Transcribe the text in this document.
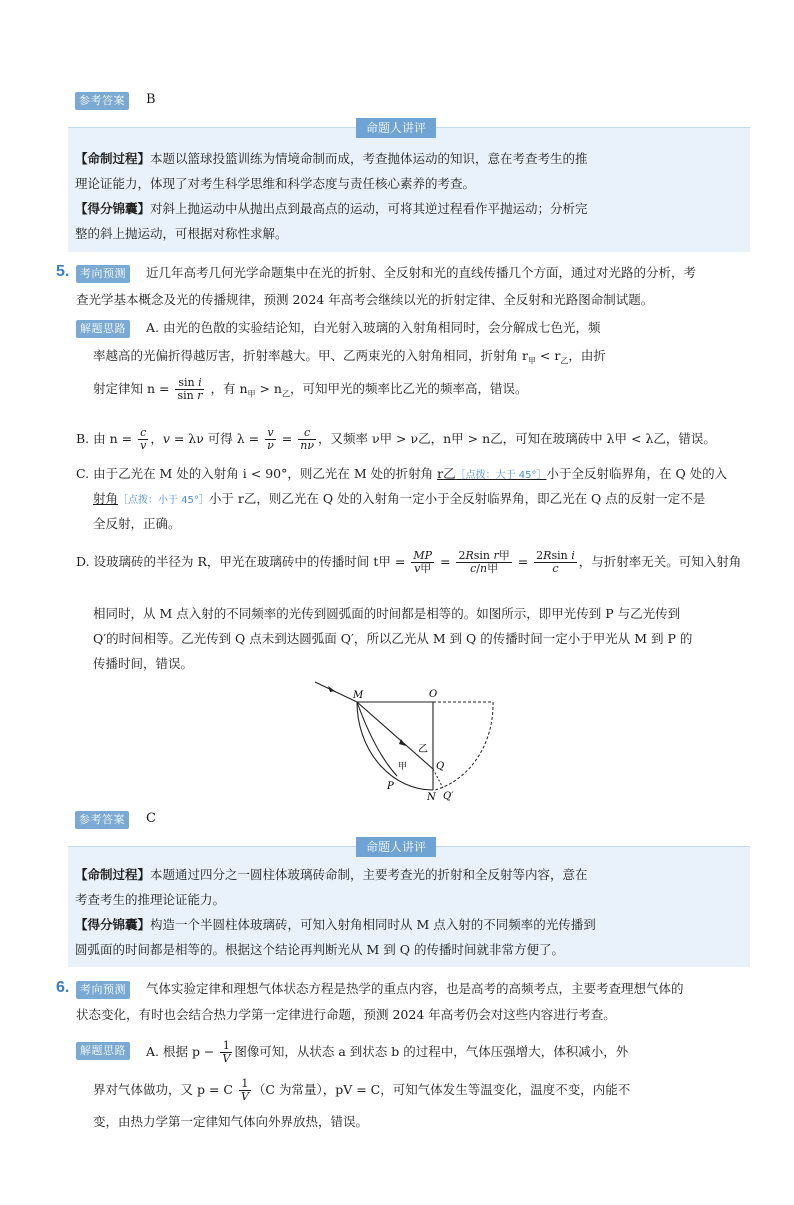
参考答案	B
命题人讲评
【命制过程】本题以篮球投篮训练为情境命制而成，考查抛体运动的知识，意在考查考生的推
理论证能力，体现了对考生科学思维和科学态度与责任核心素养的考查。
【得分锦囊】对斜上抛运动中从抛出点到最高点的运动，可将其逆过程看作平抛运动；分析完
整的斜上抛运动，可根据对称性求解。
5. 考向预测	近几年高考几何光学命题集中在光的折射、全反射和光的直线传播几个方面，通过对光路的分析，考
查光学基本概念及光的传播规律，预测 2024 年高考会继续以光的折射定律、全反射和光路图命制试题。
解题思路	A. 由光的色散的实验结论知，白光射入玻璃的入射角相同时，会分解成七色光，频
率越高的光偏折得越厉害，折射率越大。甲、乙两束光的入射角相同，折射角 $r_甲 < r_乙$，由折
射定律知 $n = \frac{\text{sin i}}{\text{sin r}}$ ，有 $n_甲 > n_乙$，可知甲光的频率比乙光的频率高，错误。
B. 由 $n = \frac{c}{v}$ ，v = λν 可得 $\lambda = \frac{v}{\nu} = \frac{c}{n\nu}$ ，又频率 ν甲 > ν乙，n甲 > n乙，可知在玻璃砖中 λ甲 < λ乙，错误。
C. 由于乙光在 M 处的入射角 i < 90°，则乙光在 M 处的折射角 r乙［点拨：大于 45°］小于全反射临界角，在 Q 处的入
射角［点拨：小于 45°］小于 r乙，则乙光在 Q 处的入射角一定小于全反射临界角，即乙光在 Q 点的反射一定不是
全反射，正确。
D. 设玻璃砖的半径为 R，甲光在玻璃砖中的传播时间 t甲 = $\frac{MP}{\text{v甲}} = \frac{\text{2Rsin r甲}}{\text{c/n甲}} = \frac{\text{2Rsin i}}{c}$ ，与折射率无关。可知入射角
相同时，从 M 点入射的不同频率的光传到圆弧面的时间都是相等的。如图所示，即甲光传到 P 与乙光传到
Q′的时间相等。乙光传到 Q 点未到达圆弧面 Q′，所以乙光从 M 到 Q 的传播时间一定小于甲光从 M 到 P 的
传播时间，错误。
M	O
Q
Q′
N
P
甲
乙
参考答案	C
命题人讲评
【命制过程】本题通过四分之一圆柱体玻璃砖命制，主要考查光的折射和全反射等内容，意在
考查考生的推理论证能力。
【得分锦囊】构造一个半圆柱体玻璃砖，可知入射角相同时从 M 点入射的不同频率的光传播到
圆弧面的时间都是相等的。根据这个结论再判断光从 M 到 Q 的传播时间就非常方便了。
6. 考向预测	气体实验定律和理想气体状态方程是热学的重点内容，也是高考的高频考点，主要考查理想气体的
状态变化，有时也会结合热力学第一定律进行命题，预测 2024 年高考仍会对这些内容进行考查。
解题思路	A. 根据 $p - \frac{1}{V}$ 图像可知，从状态 a 到状态 b 的过程中，气体压强增大，体积减小，外
界对气体做功，又 p = C $\frac{1}{V} (C$ 为常量），pV = C，可知气体发生等温变化，温度不变，内能不
变，由热力学第一定律知气体向外界放热，错误。
